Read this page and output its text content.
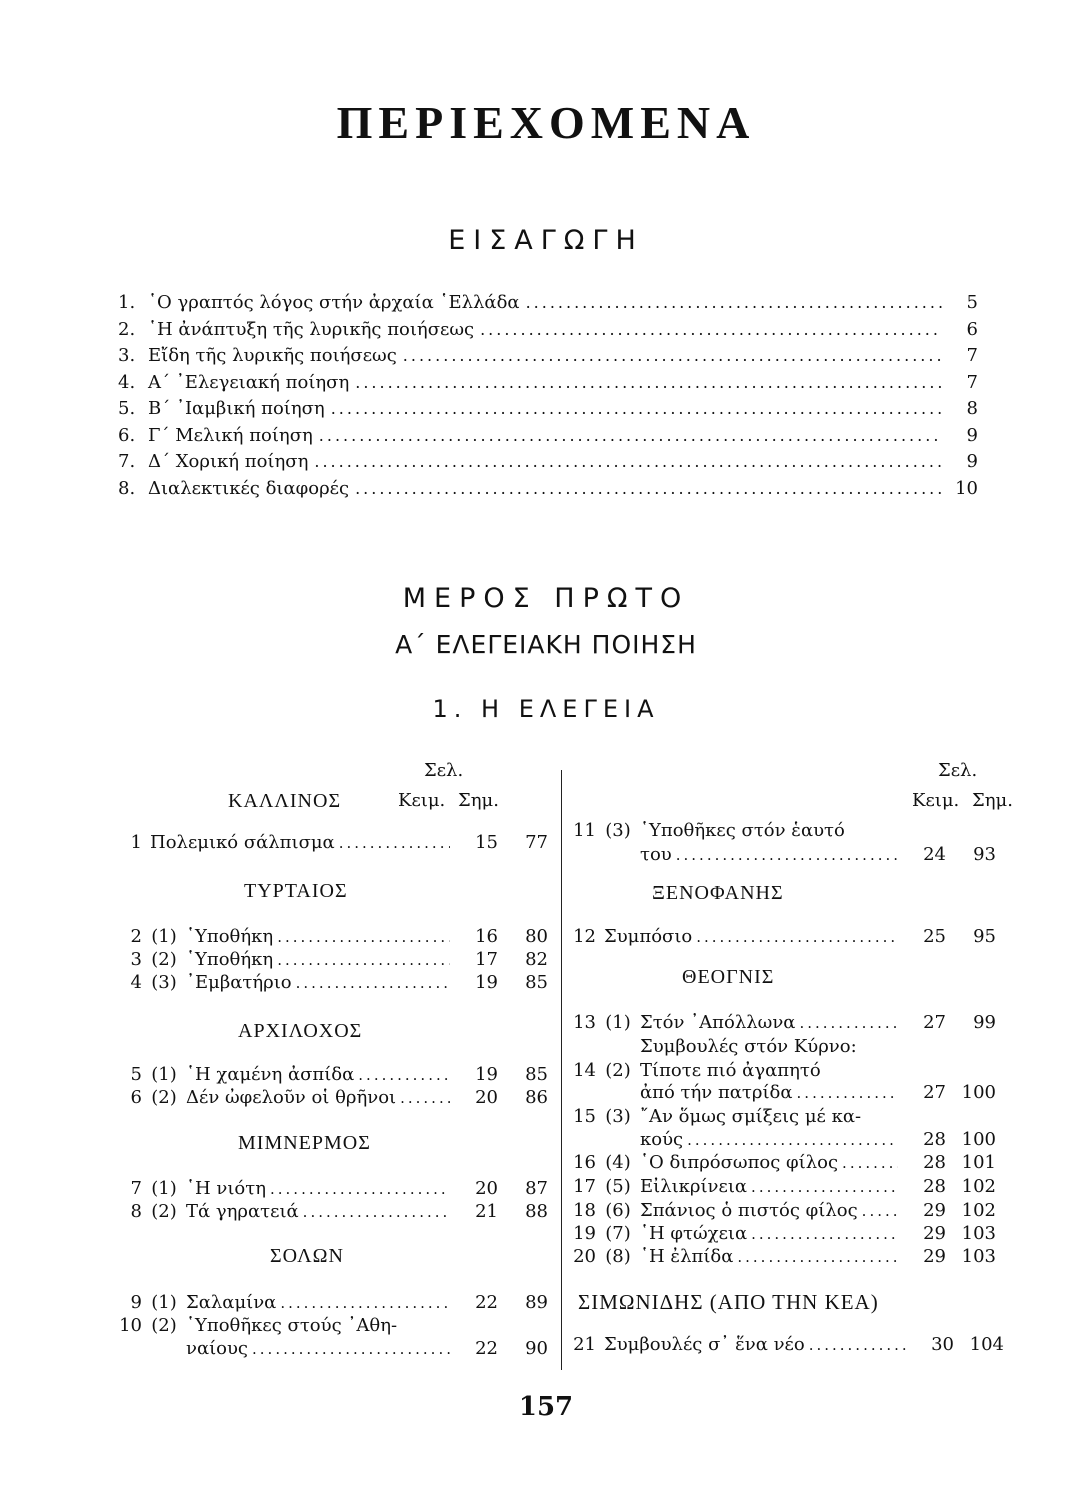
ΠΕΡΙΕΧΟΜΕΝΑ
ΕΙΣΑΓΩΓΗ
1. ῾Ο γραπτός λόγος στήν ἀρχαία ῾Ελλάδα .....	5
2. ῾Η ἀνάπτυξη τῆς λυρικῆς ποιήσεως .....	6
3. Εἴδη τῆς λυρικῆς ποιήσεως .....	7
4. Α΄ ᾿Ελεγειακή ποίηση .....	7
5. Β΄ ᾿Ιαμβική ποίηση .....	8
6. Γ΄ Μελική ποίηση .....	9
7. Δ΄ Χορική ποίηση .....	9
8. Διαλεκτικές διαφορές .....	10
ΜΕΡΟΣ ΠΡΩΤΟ
Α΄ ΕΛΕΓΕΙΑΚΗ ΠΟΙΗΣΗ
1. Η ΕΛΕΓΕΙΑ
Σελ.
ΚΑΛΛΙΝΟΣ	Κειμ. Σημ.
1 Πολεμικό σάλπισμα .....	15	77
ΤΥΡΤΑΙΟΣ
2 (1) ῾Υποθήκη .....	16	80
3 (2) ῾Υποθήκη .....	17	82
4 (3) ᾿Εμβατήριο .....	19	85
ΑΡΧΙΛΟΧΟΣ
5 (1) ῾Η χαμένη ἀσπίδα .....	19	85
6 (2) Δέν ὠφελοῦν οἱ θρῆνοι .....	20	86
ΜΙΜΝΕΡΜΟΣ
7 (1) ῾Η νιότη .....	20	87
8 (2) Τά γηρατειά .....	21	88
ΣΟΛΩΝ
9 (1) Σαλαμίνα .....	22	89
10 (2) ῾Υποθῆκες στούς ᾿Αθη-
ναίους .....	22	90
Σελ.
Κειμ. Σημ.
11 (3) ῾Υποθῆκες στόν ἑαυτό
του .....	24	93
ΞΕΝΟΦΑΝΗΣ
12 Συμπόσιο .....	25	95
ΘΕΟΓΝΙΣ
13 (1) Στόν ᾿Απόλλωνα .....	27	99
Συμβουλές στόν Κύρνο:
14 (2) Τίποτε πιό ἀγαπητό
ἀπό τήν πατρίδα .....	27 100
15 (3) ῎Αν ὅμως σμίξεις μέ κα-
κούς .....	28 100
16 (4) ῾Ο διπρόσωπος φίλος .....	28 101
17 (5) Εἰλικρίνεια .....	28 102
18 (6) Σπάνιος ὁ πιστός φίλος .....	29 102
19 (7) ῾Η φτώχεια .....	29 103
20 (8) ῾Η ἐλπίδα .....	29 103
ΣΙΜΩΝΙΔΗΣ (ΑΠΟ ΤΗΝ ΚΕΑ)
21 Συμβουλές σ᾿ ἕνα νέο .....	30 104
157
